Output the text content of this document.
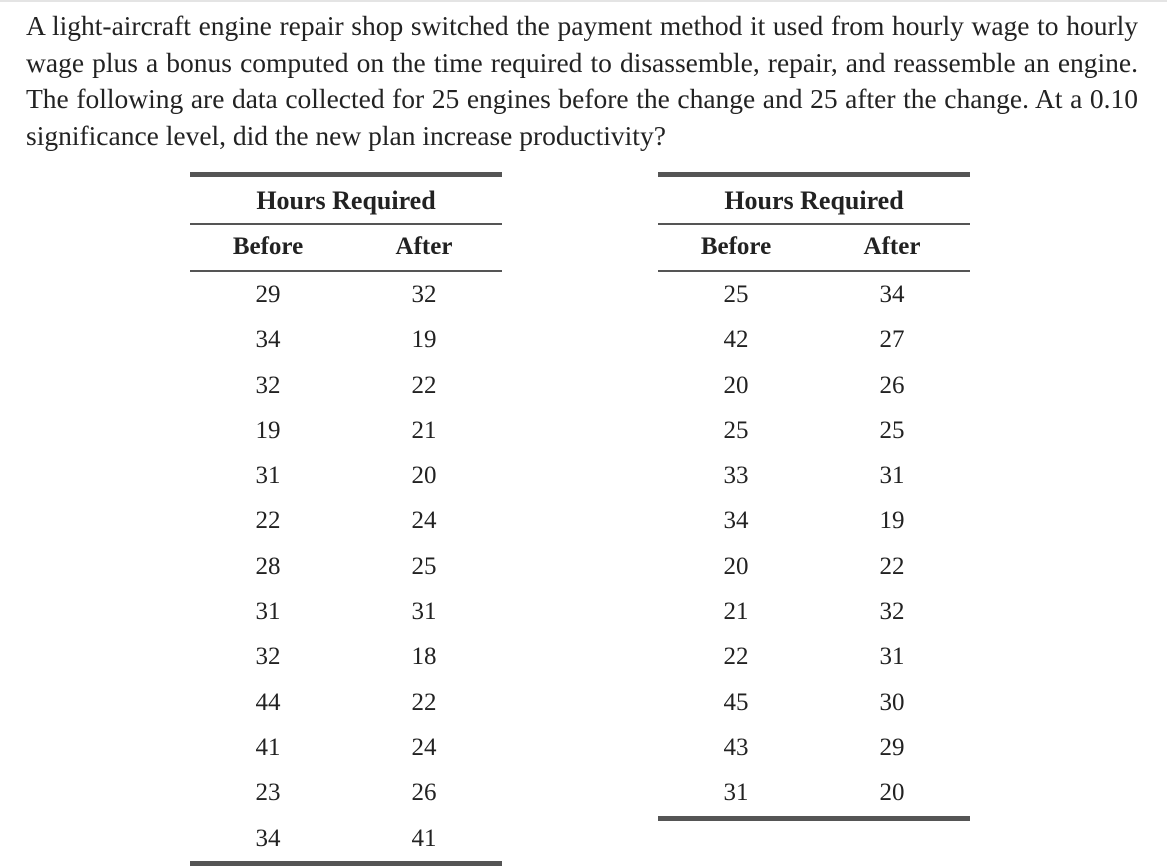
A light-aircraft engine repair shop switched the payment method it used from hourly wage to hourly wage plus a bonus computed on the time required to disassemble, repair, and reassemble an engine. The following are data collected for 25 engines before the change and 25 after the change. At a 0.10 significance level, did the new plan increase productivity?

Hours Required
Before	After
29	32
34	19
32	22
19	21
31	20
22	24
28	25
31	31
32	18
44	22
41	24
23	26
34	41
Hours Required
Before	After
25	34
42	27
20	26
25	25
33	31
34	19
20	22
21	32
22	31
45	30
43	29
31	20
